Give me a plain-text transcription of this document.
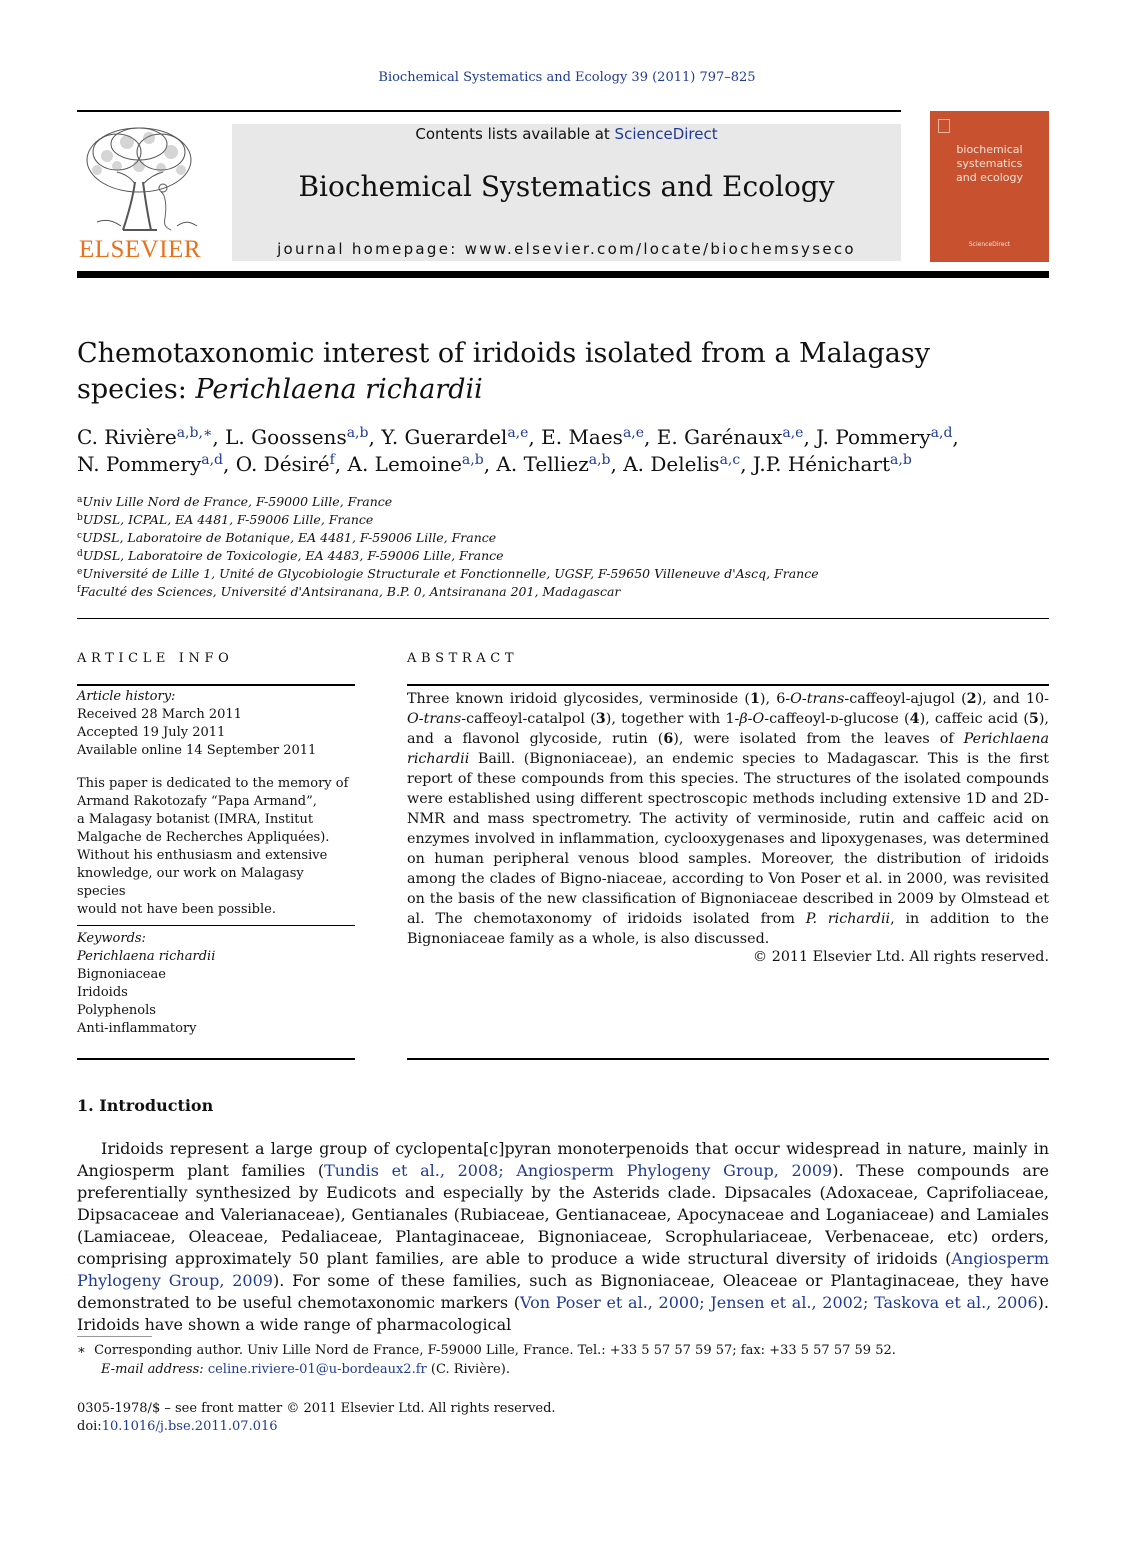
Biochemical Systematics and Ecology 39 (2011) 797–825
ELSEVIER
Contents lists available at ScienceDirect
Biochemical Systematics and Ecology
journal homepage: www.elsevier.com/locate/biochemsyseco
biochemical
systematics
and ecology
ScienceDirect
Chemotaxonomic interest of iridoids isolated from a Malagasy
species: Perichlaena richardii
C. Rivière$^{a,b,∗}$, L. Goossens$^{a,b}$, Y. Guerardel$^{a,e}$, E. Maes$^{a,e}$, E. Garénaux$^{a,e}$, J. Pommery$^{a,d}$,
N. Pommery$^{a,d}$, O. Désiré$^f$, A. Lemoine$^{a,b}$, A. Telliez$^{a,b}$, A. Delelis$^{a,c}$, J.P. Hénichart$^{a,b}$
$^a$Univ Lille Nord de France, F-59000 Lille, France
$^b$UDSL, ICPAL, EA 4481, F-59006 Lille, France
$^c$UDSL, Laboratoire de Botanique, EA 4481, F-59006 Lille, France
$^d$UDSL, Laboratoire de Toxicologie, EA 4483, F-59006 Lille, France
$^e$Université de Lille 1, Unité de Glycobiologie Structurale et Fonctionnelle, UGSF, F-59650 Villeneuve d'Ascq, France
$^f$Faculté des Sciences, Université d'Antsiranana, B.P. 0, Antsiranana 201, Madagascar
ARTICLE INFO	ABSTRACT
Article history:
Received 28 March 2011
Accepted 19 July 2011
Available online 14 September 2011
This paper is dedicated to the memory of
Armand Rakotozafy “Papa Armand”,
a Malagasy botanist (IMRA, Institut
Malgache de Recherches Appliquées).
Without his enthusiasm and extensive
knowledge, our work on Malagasy species
would not have been possible.
Keywords:
Perichlaena richardii
Bignoniaceae
Iridoids
Polyphenols
Anti-inflammatory
Three known iridoid glycosides, verminoside (1), 6-O-trans-caffeoyl-ajugol (2), and 10-O-trans-caffeoyl-catalpol (3), together with 1-β-O-caffeoyl-ᴅ-glucose (4), caffeic acid (5), and a flavonol glycoside, rutin (6), were isolated from the leaves of Perichlaena richardii Baill. (Bignoniaceae), an endemic species to Madagascar. This is the first report of these compounds from this species. The structures of the isolated compounds were established using different spectroscopic methods including extensive 1D and 2D-NMR and mass spectrometry. The activity of verminoside, rutin and caffeic acid on enzymes involved in inflammation, cyclooxygenases and lipoxygenases, was determined on human peripheral venous blood samples. Moreover, the distribution of iridoids among the clades of Bigno-niaceae, according to Von Poser et al. in 2000, was revisited on the basis of the new classification of Bignoniaceae described in 2009 by Olmstead et al. The chemotaxonomy of iridoids isolated from P. richardii, in addition to the Bignoniaceae family as a whole, is also discussed.
© 2011 Elsevier Ltd. All rights reserved.
1. Introduction
Iridoids represent a large group of cyclopenta[c]pyran monoterpenoids that occur widespread in nature, mainly in Angiosperm plant families (Tundis et al., 2008; Angiosperm Phylogeny Group, 2009). These compounds are preferentially synthesized by Eudicots and especially by the Asterids clade. Dipsacales (Adoxaceae, Caprifoliaceae, Dipsacaceae and Valerianaceae), Gentianales (Rubiaceae, Gentianaceae, Apocynaceae and Loganiaceae) and Lamiales (Lamiaceae, Oleaceae, Pedaliaceae, Plantaginaceae, Bignoniaceae, Scrophulariaceae, Verbenaceae, etc) orders, comprising approximately 50 plant families, are able to produce a wide structural diversity of iridoids (Angiosperm Phylogeny Group, 2009). For some of these families, such as Bignoniaceae, Oleaceae or Plantaginaceae, they have demonstrated to be useful chemotaxonomic markers (Von Poser et al., 2000; Jensen et al., 2002; Taskova et al., 2006). Iridoids have shown a wide range of pharmacological
∗ Corresponding author. Univ Lille Nord de France, F-59000 Lille, France. Tel.: +33 5 57 57 59 57; fax: +33 5 57 57 59 52.
E-mail address: celine.riviere-01@u-bordeaux2.fr (C. Rivière).
0305-1978/$ – see front matter © 2011 Elsevier Ltd. All rights reserved.
doi:10.1016/j.bse.2011.07.016
